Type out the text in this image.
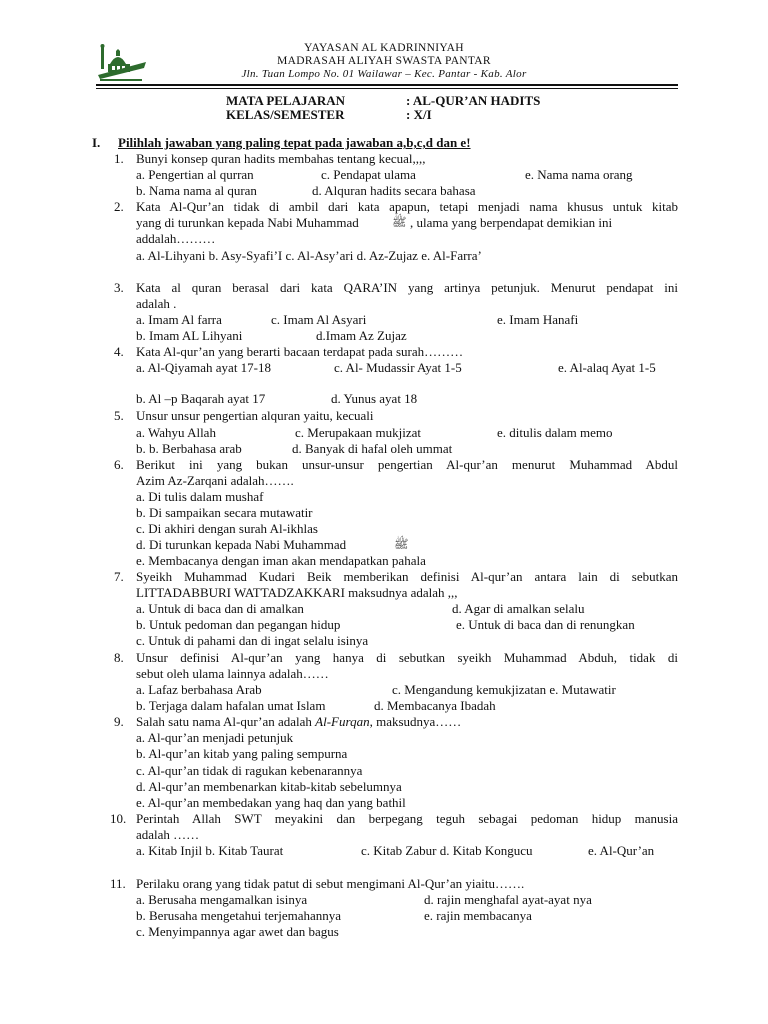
YAYASAN AL KADRINNIYAH
MADRASAH ALIYAH SWASTA PANTAR
Jln. Tuan Lompo No. 01 Wailawar – Kec. Pantar - Kab. Alor
MATA PELAJARAN	: AL-QUR’AN HADITS
KELAS/SEMESTER	: X/I
I. Pilihlah jawaban yang paling tepat pada jawaban a,b,c,d dan e!
1. Bunyi konsep quran hadits membahas tentang kecual,,,,
a. Pengertian al qurran	c. Pendapat ulama	e. Nama nama orang
b. Nama nama al quran	d. Alquran hadits secara bahasa
2. Kata Al-Qur’an tidak di ambil dari kata apapun, tetapi menjadi nama khusus untuk kitab
yang di turunkan kepada Nabi Muhammad	ﷺ , ulama yang berpendapat demikian ini
addalah………
a. Al-Lihyani b. Asy-Syafi’I c. Al-Asy’ari d. Az-Zujaz e. Al-Farra’
3. Kata al quran berasal dari kata QARA’IN yang artinya petunjuk. Menurut pendapat ini
adalah .
a. Imam Al farra	c. Imam Al Asyari	e. Imam Hanafi
b. Imam AL Lihyani	d.Imam Az Zujaz
4. Kata Al-qur’an yang berarti bacaan terdapat pada surah………
a. Al-Qiyamah ayat 17-18	c. Al- Mudassir Ayat 1-5	e. Al-alaq Ayat 1-5
b. Al –p Baqarah ayat 17	d. Yunus ayat 18
5. Unsur unsur pengertian alquran yaitu, kecuali
a. Wahyu Allah	c. Merupakaan mukjizat	e. ditulis dalam memo
b. b. Berbahasa arab	d. Banyak di hafal oleh ummat
6. Berikut ini yang bukan unsur-unsur pengertian Al-qur’an menurut Muhammad Abdul
Azim Az-Zarqani adalah…….
a. Di tulis dalam mushaf
b. Di sampaikan secara mutawatir
c. Di akhiri dengan surah Al-ikhlas
d. Di turunkan kepada Nabi Muhammad	ﷺ
e. Membacanya dengan iman akan mendapatkan pahala
7. Syeikh Muhammad Kudari Beik memberikan definisi Al-qur’an antara lain di sebutkan
LITTADABBURI WATTADZAKKARI maksudnya adalah ,,,
a. Untuk di baca dan di amalkan	d. Agar di amalkan selalu
b. Untuk pedoman dan pegangan hidup	e. Untuk di baca dan di renungkan
c. Untuk di pahami dan di ingat selalu isinya
8. Unsur definisi Al-qur’an yang hanya di sebutkan syeikh Muhammad Abduh, tidak di
sebut oleh ulama lainnya adalah……
a. Lafaz berbahasa Arab	c. Mengandung kemukjizatan e. Mutawatir
b. Terjaga dalam hafalan umat Islam	d. Membacanya Ibadah
9. Salah satu nama Al-qur’an adalah Al-Furqan, maksudnya……
a. Al-qur’an menjadi petunjuk
b. Al-qur’an kitab yang paling sempurna
c. Al-qur’an tidak di ragukan kebenarannya
d. Al-qur’an membenarkan kitab-kitab sebelumnya
e. Al-qur’an membedakan yang haq dan yang bathil
10. Perintah Allah SWT meyakini dan berpegang teguh sebagai pedoman hidup manusia
adalah ……
a. Kitab Injil b. Kitab Taurat	c. Kitab Zabur d. Kitab Kongucu	e. Al-Qur’an
11. Perilaku orang yang tidak patut di sebut mengimani Al-Qur’an yiaitu…….
a. Berusaha mengamalkan isinya	d. rajin menghafal ayat-ayat nya
b. Berusaha mengetahui terjemahannya	e. rajin membacanya
c. Menyimpannya agar awet dan bagus
